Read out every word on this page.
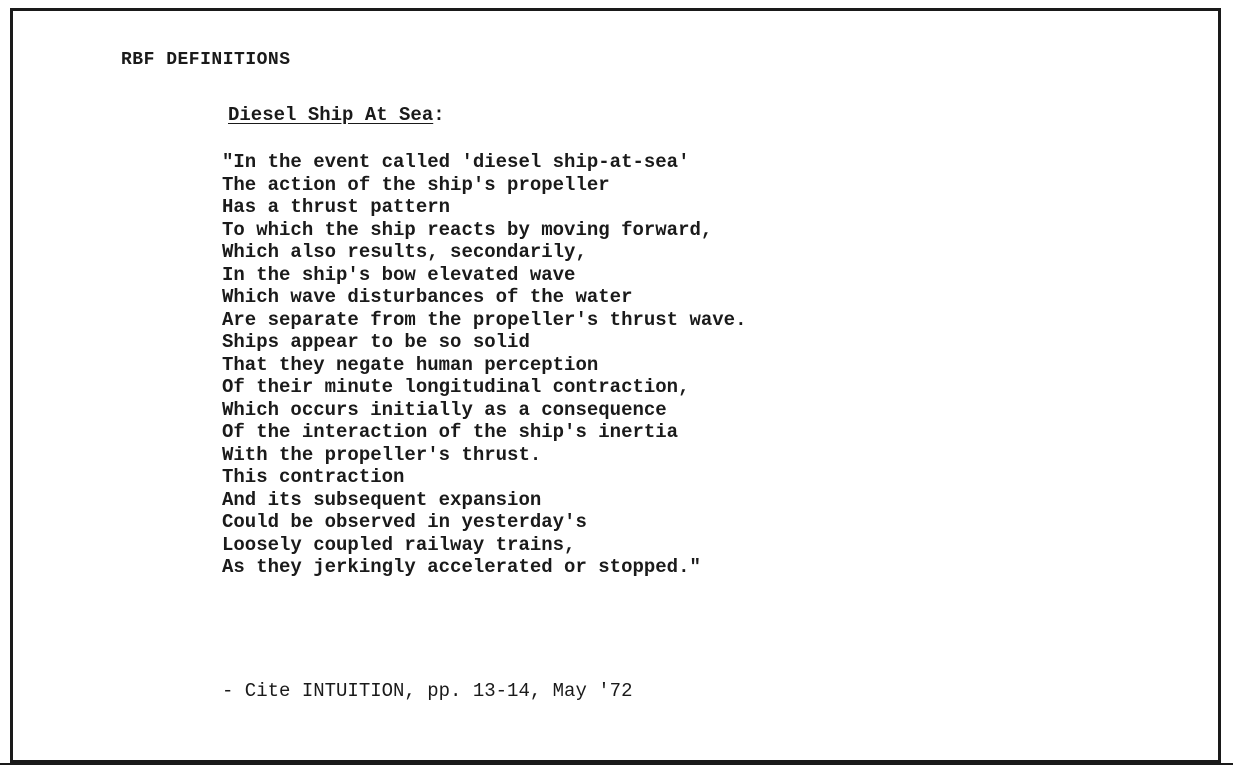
RBF DEFINITIONS
Diesel Ship At Sea:
"In the event called 'diesel ship-at-sea'
The action of the ship's propeller
Has a thrust pattern
To which the ship reacts by moving forward,
Which also results, secondarily,
In the ship's bow elevated wave
Which wave disturbances of the water
Are separate from the propeller's thrust wave.
Ships appear to be so solid
That they negate human perception
Of their minute longitudinal contraction,
Which occurs initially as a consequence
Of the interaction of the ship's inertia
With the propeller's thrust.
This contraction
And its subsequent expansion
Could be observed in yesterday's
Loosely coupled railway trains,
As they jerkingly accelerated or stopped."
- Cite INTUITION, pp. 13-14, May '72
